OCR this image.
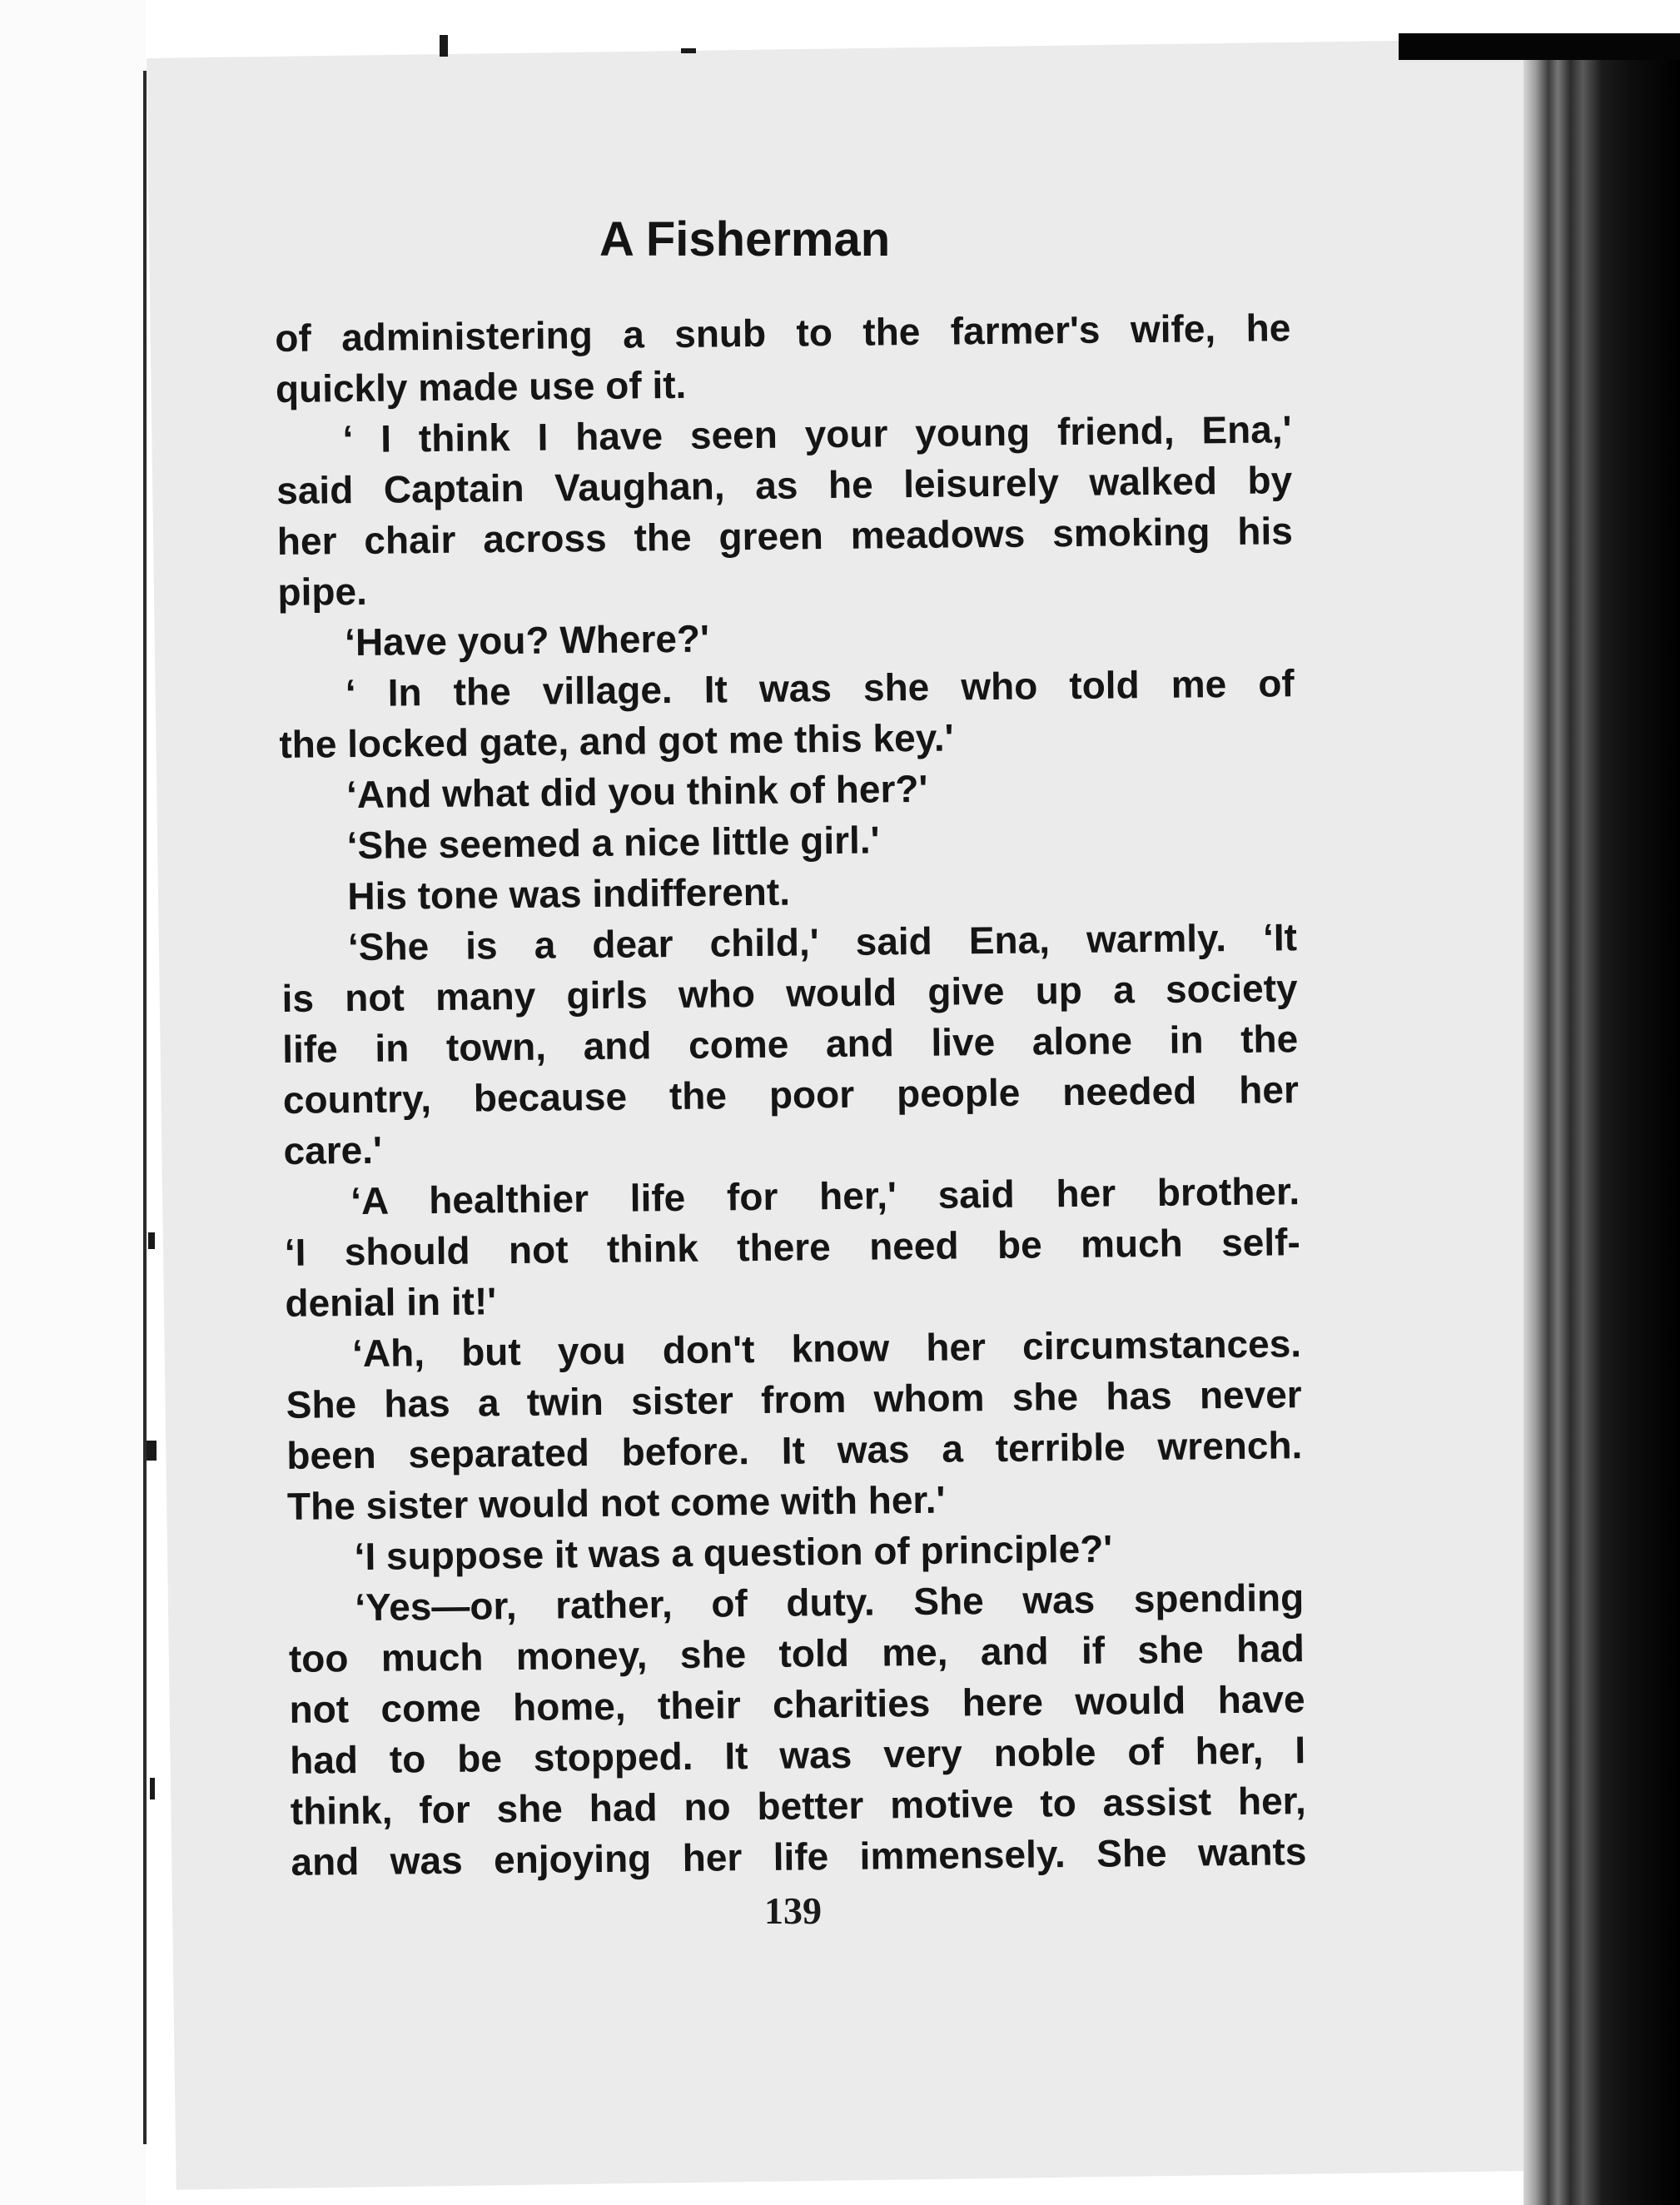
A Fisherman
of administering a snub to the farmer's wife, he
quickly made use of it.
‘ I think I have seen your young friend, Ena,'
said Captain Vaughan, as he leisurely walked by
her chair across the green meadows smoking his
pipe.
‘Have you? Where?'
‘ In the village. It was she who told me of
the locked gate, and got me this key.'
‘And what did you think of her?'
‘She seemed a nice little girl.'
His tone was indifferent.
‘She is a dear child,' said Ena, warmly. ‘It
is not many girls who would give up a society
life in town, and come and live alone in the
country, because the poor people needed her
care.'
‘A healthier life for her,' said her brother.
‘I should not think there need be much self-
denial in it!'
‘Ah, but you don't know her circumstances.
She has a twin sister from whom she has never
been separated before. It was a terrible wrench.
The sister would not come with her.'
‘I suppose it was a question of principle?'
‘Yes—or, rather, of duty. She was spending
too much money, she told me, and if she had
not come home, their charities here would have
had to be stopped. It was very noble of her, I
think, for she had no better motive to assist her,
and was enjoying her life immensely. She wants
139
